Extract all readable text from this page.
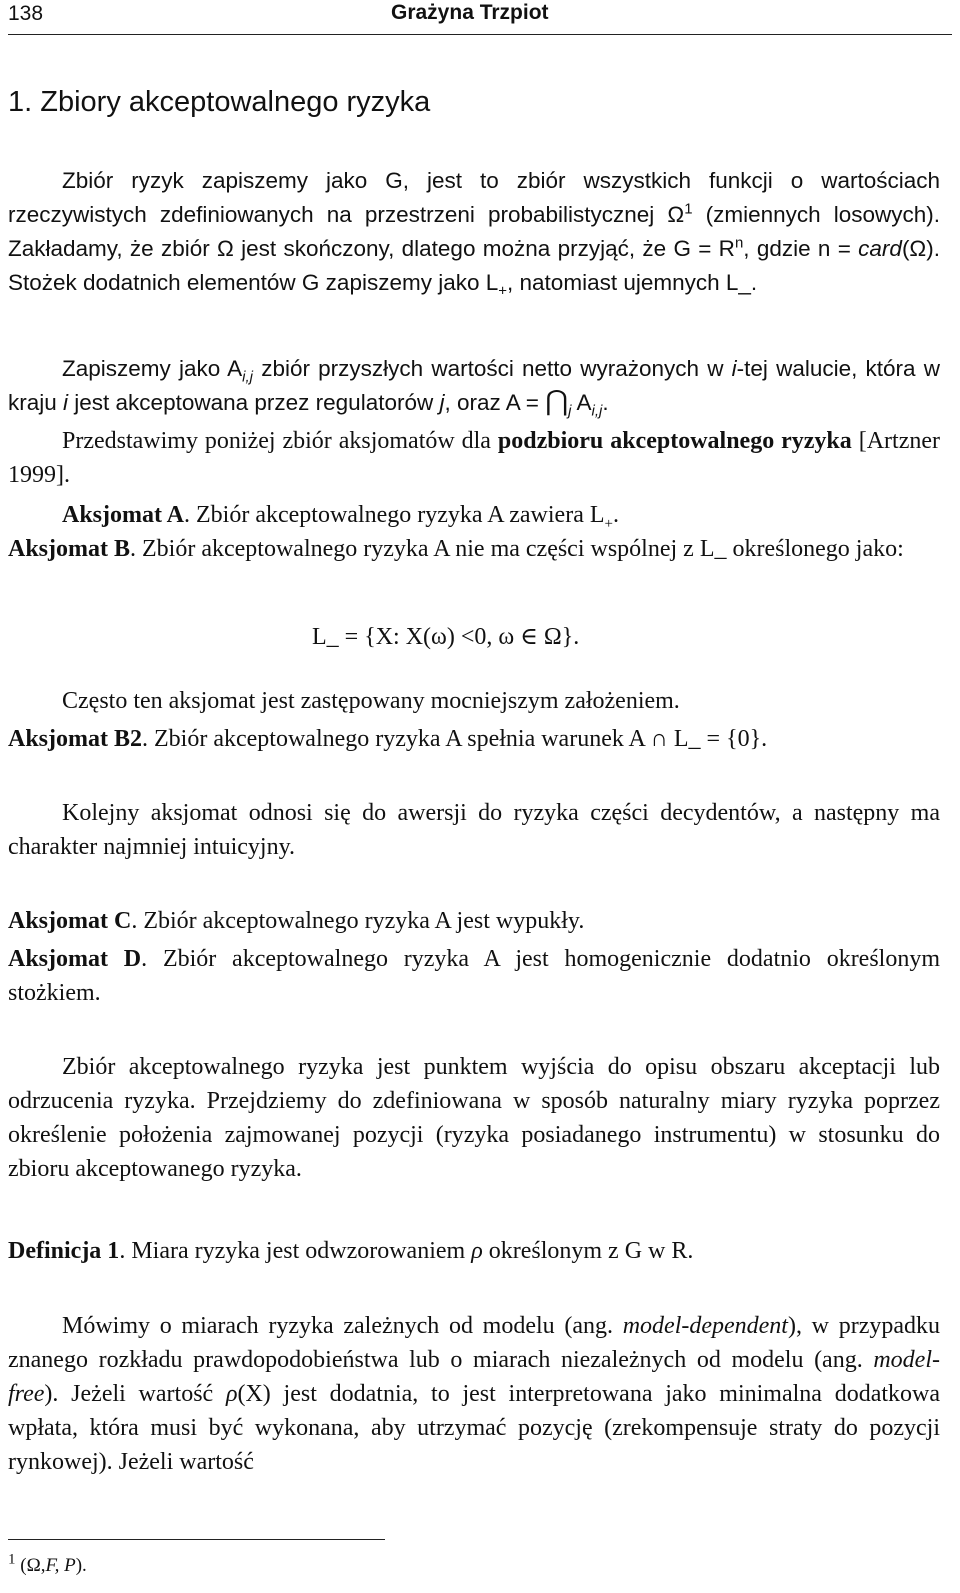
138	Grażyna Trzpiot
1. Zbiory akceptowalnego ryzyka

Zbiór ryzyk zapiszemy jako G, jest to zbiór wszystkich funkcji o wartościach rzeczywistych zdefiniowanych na przestrzeni probabilistycznej $\Omega^1$ (zmiennych losowych). Zakładamy, że zbiór Ω jest skończony, dlatego można przyjąć, że $G = R^n$, gdzie n = card(Ω). Stożek dodatnich elementów G zapiszemy jako $L_+$, natomiast ujemnych L_.

Zapiszemy jako $A_{i,j}$ zbiór przyszłych wartości netto wyrażonych w i-tej walucie, która w kraju i jest akceptowana przez regulatorów j, oraz $A = ⋂_j$ $A_{i,j}$.

Przedstawimy poniżej zbiór aksjomatów dla podzbioru akceptowalnego ryzyka [Artzner 1999].

Aksjomat A. Zbiór akceptowalnego ryzyka A zawiera $L_+$.

Aksjomat B. Zbiór akceptowalnego ryzyka A nie ma części wspólnej z L_ określonego jako:

L_ = {X: X(ω) <0, ω ∈ Ω}.

Często ten aksjomat jest zastępowany mocniejszym założeniem.

Aksjomat B2. Zbiór akceptowalnego ryzyka A spełnia warunek A ∩ L_ = {0}.

Kolejny aksjomat odnosi się do awersji do ryzyka części decydentów, a następny ma charakter najmniej intuicyjny.

Aksjomat C. Zbiór akceptowalnego ryzyka A jest wypukły.

Aksjomat D. Zbiór akceptowalnego ryzyka A jest homogenicznie dodatnio określonym stożkiem.

Zbiór akceptowalnego ryzyka jest punktem wyjścia do opisu obszaru akceptacji lub odrzucenia ryzyka. Przejdziemy do zdefiniowana w sposób naturalny miary ryzyka poprzez określenie położenia zajmowanej pozycji (ryzyka posiadanego instrumentu) w stosunku do zbioru akceptowanego ryzyka.

Definicja 1. Miara ryzyka jest odwzorowaniem ρ określonym z G w R.

Mówimy o miarach ryzyka zależnych od modelu (ang. model-dependent), w przypadku znanego rozkładu prawdopodobieństwa lub o miarach niezależnych od modelu (ang. model-free). Jeżeli wartość ρ(X) jest dodatnia, to jest interpretowana jako minimalna dodatkowa wpłata, która musi być wykonana, aby utrzymać pozycję (zrekompensuje straty do pozycji rynkowej). Jeżeli wartość

$^1$ (Ω,F, P).
